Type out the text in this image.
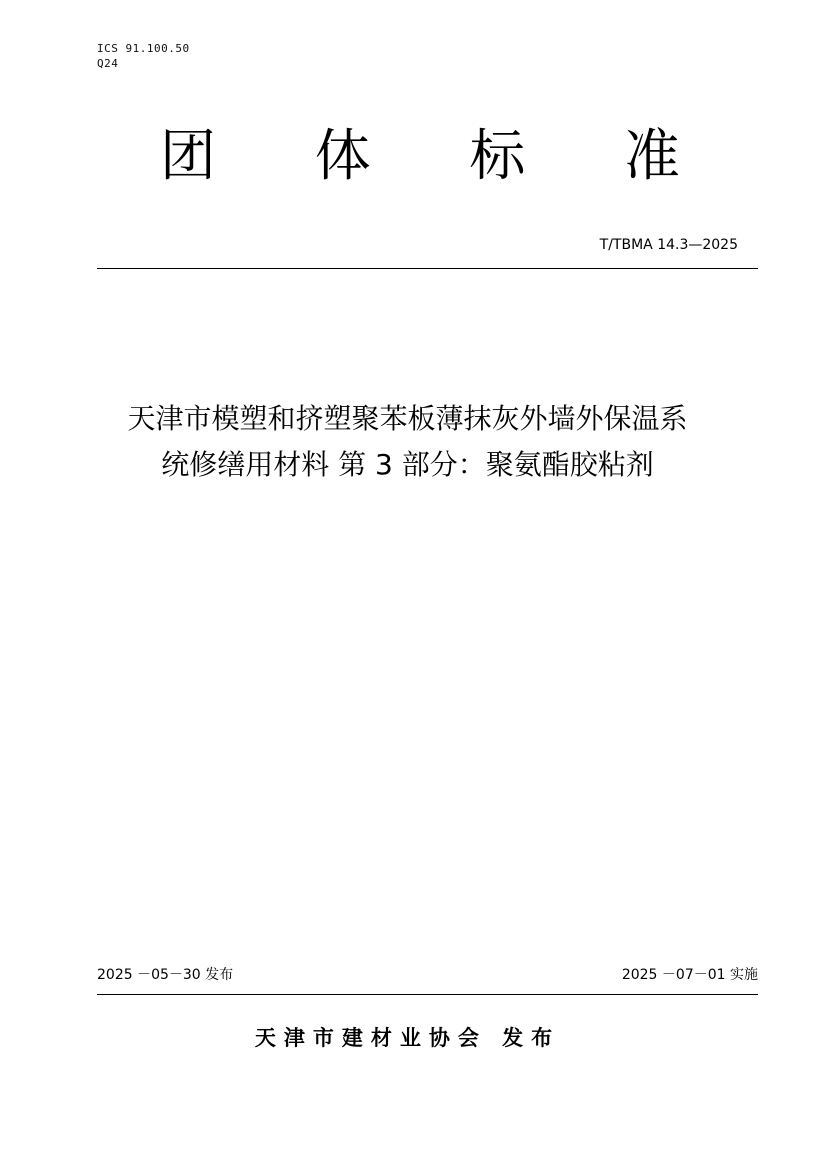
ICS 91.100.50
Q24
团 体 标 准
T/TBMA 14.3—2025
天津市模塑和挤塑聚苯板薄抹灰外墙外保温系
统修缮用材料 第 3 部分：聚氨酯胶粘剂
2025 －05－30 发布	2025 －07－01 实施
天津市建材业协会 发布
